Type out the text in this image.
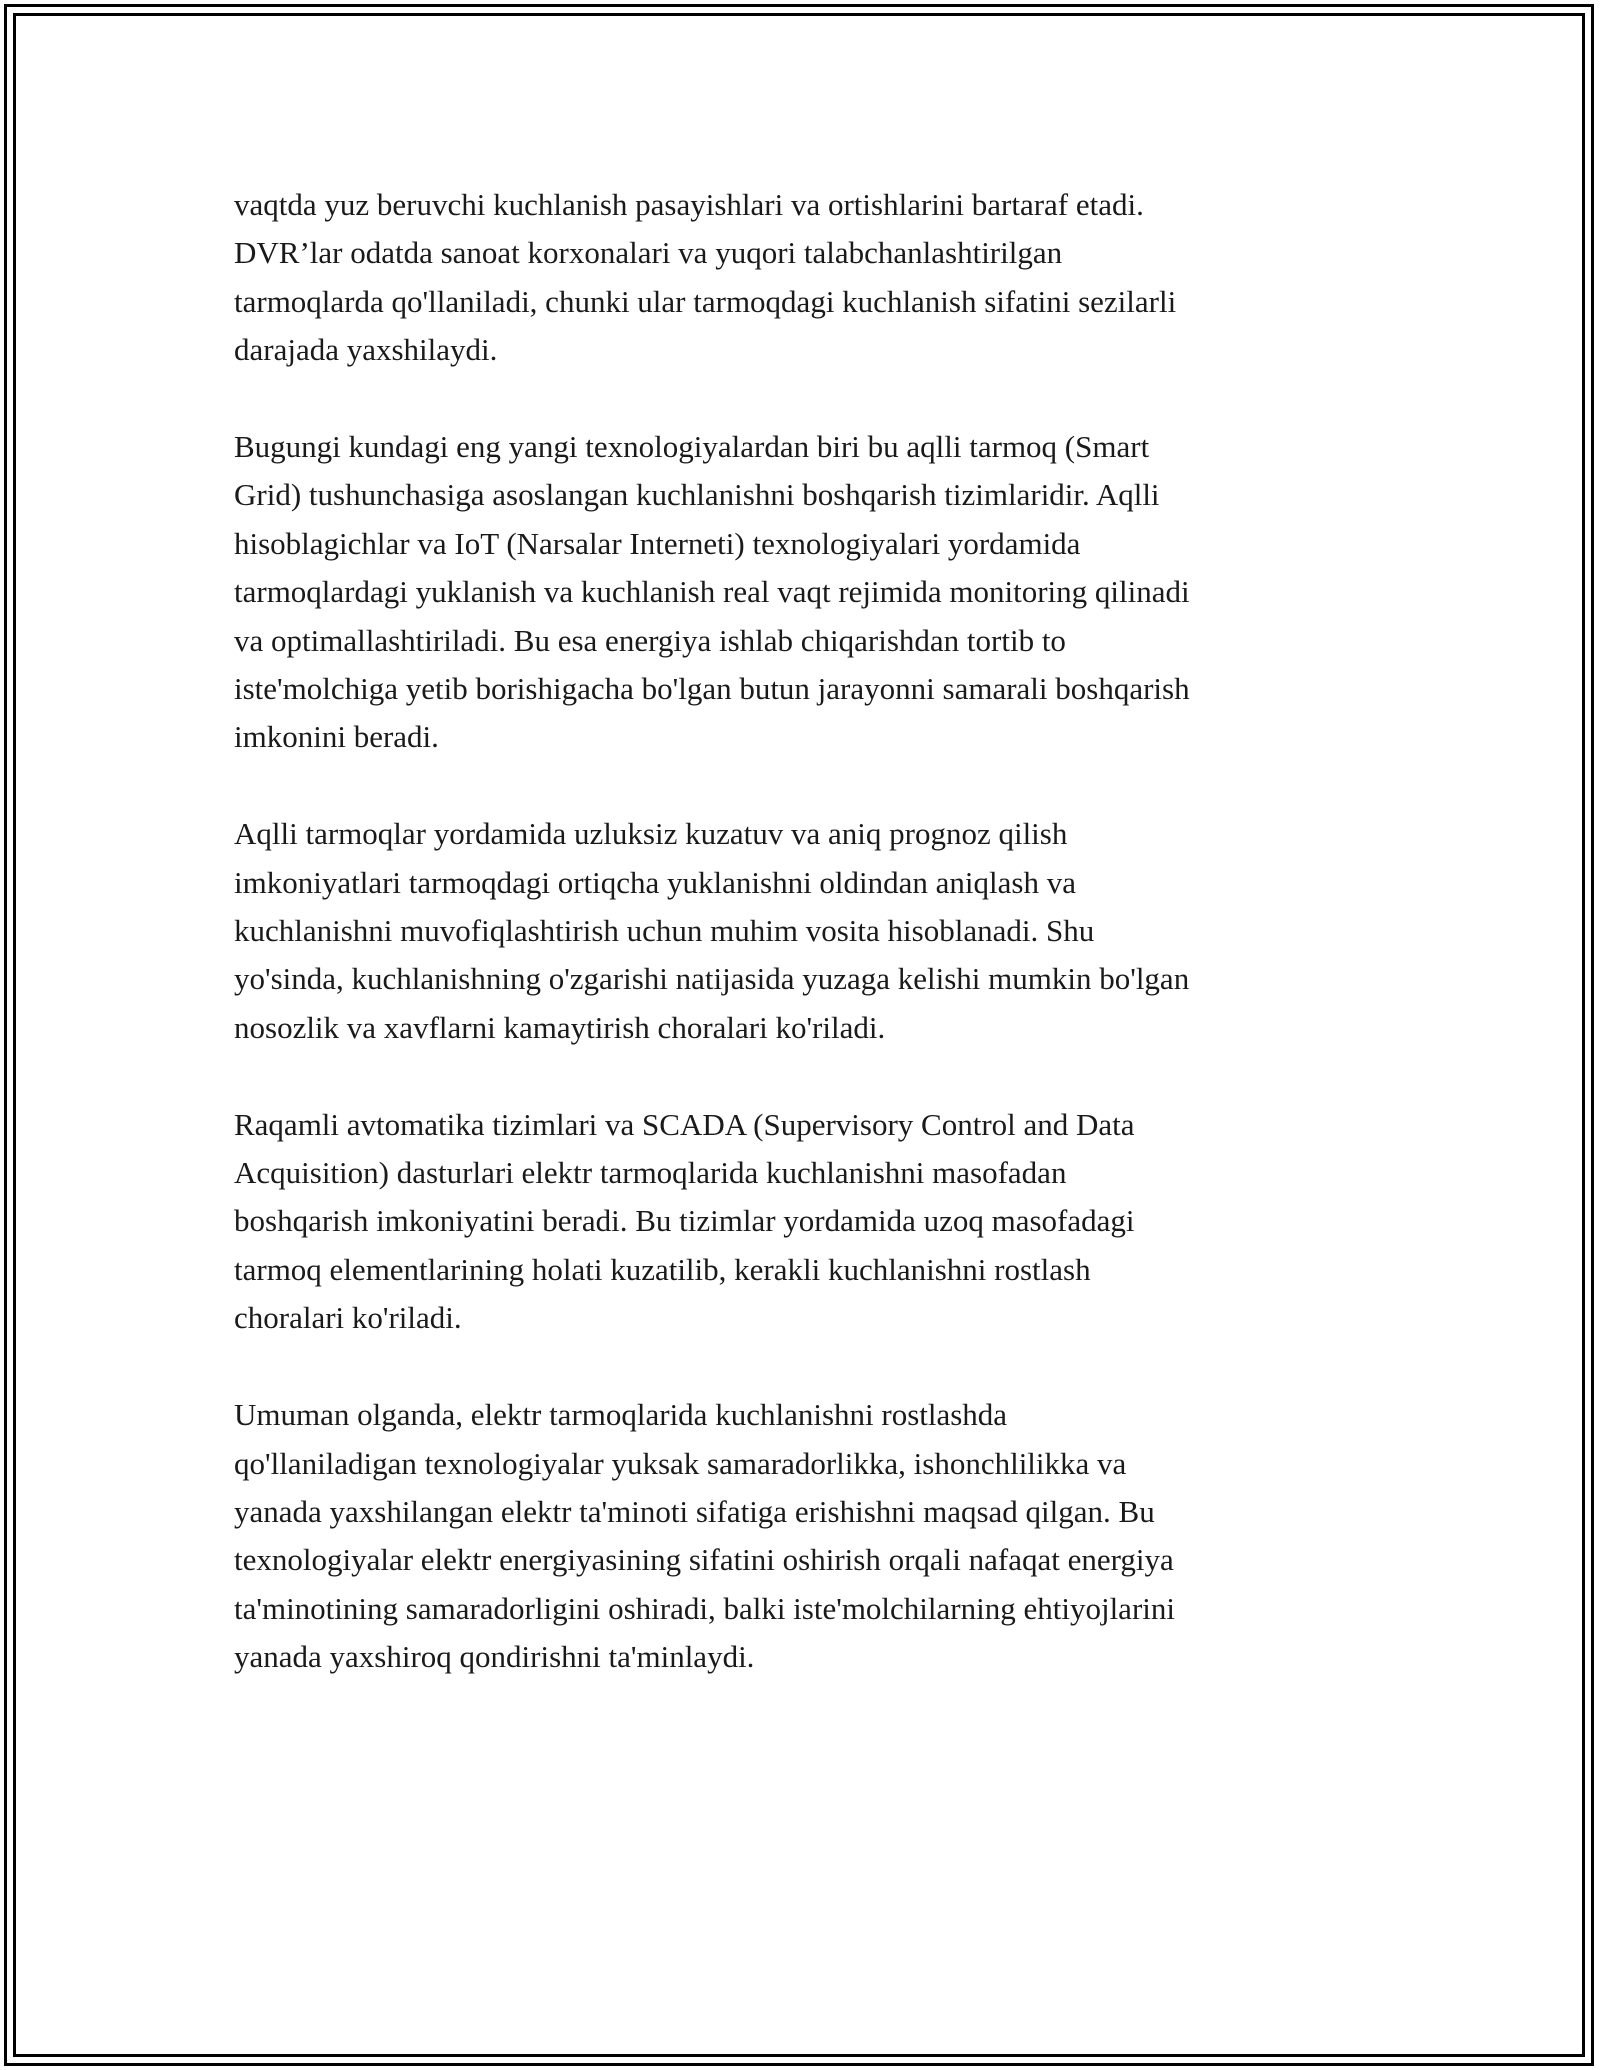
vaqtda yuz beruvchi kuchlanish pasayishlari va ortishlarini bartaraf etadi.
DVR’lar odatda sanoat korxonalari va yuqori talabchanlashtirilgan
tarmoqlarda qo'llaniladi, chunki ular tarmoqdagi kuchlanish sifatini sezilarli
darajada yaxshilaydi.

Bugungi kundagi eng yangi texnologiyalardan biri bu aqlli tarmoq (Smart
Grid) tushunchasiga asoslangan kuchlanishni boshqarish tizimlaridir. Aqlli
hisoblagichlar va IoT (Narsalar Interneti) texnologiyalari yordamida
tarmoqlardagi yuklanish va kuchlanish real vaqt rejimida monitoring qilinadi
va optimallashtiriladi. Bu esa energiya ishlab chiqarishdan tortib to
iste'molchiga yetib borishigacha bo'lgan butun jarayonni samarali boshqarish
imkonini beradi.

Aqlli tarmoqlar yordamida uzluksiz kuzatuv va aniq prognoz qilish
imkoniyatlari tarmoqdagi ortiqcha yuklanishni oldindan aniqlash va
kuchlanishni muvofiqlashtirish uchun muhim vosita hisoblanadi. Shu
yo'sinda, kuchlanishning o'zgarishi natijasida yuzaga kelishi mumkin bo'lgan
nosozlik va xavflarni kamaytirish choralari ko'riladi.

Raqamli avtomatika tizimlari va SCADA (Supervisory Control and Data
Acquisition) dasturlari elektr tarmoqlarida kuchlanishni masofadan
boshqarish imkoniyatini beradi. Bu tizimlar yordamida uzoq masofadagi
tarmoq elementlarining holati kuzatilib, kerakli kuchlanishni rostlash
choralari ko'riladi.

Umuman olganda, elektr tarmoqlarida kuchlanishni rostlashda
qo'llaniladigan texnologiyalar yuksak samaradorlikka, ishonchlilikka va
yanada yaxshilangan elektr ta'minoti sifatiga erishishni maqsad qilgan. Bu
texnologiyalar elektr energiyasining sifatini oshirish orqali nafaqat energiya
ta'minotining samaradorligini oshiradi, balki iste'molchilarning ehtiyojlarini
yanada yaxshiroq qondirishni ta'minlaydi.
